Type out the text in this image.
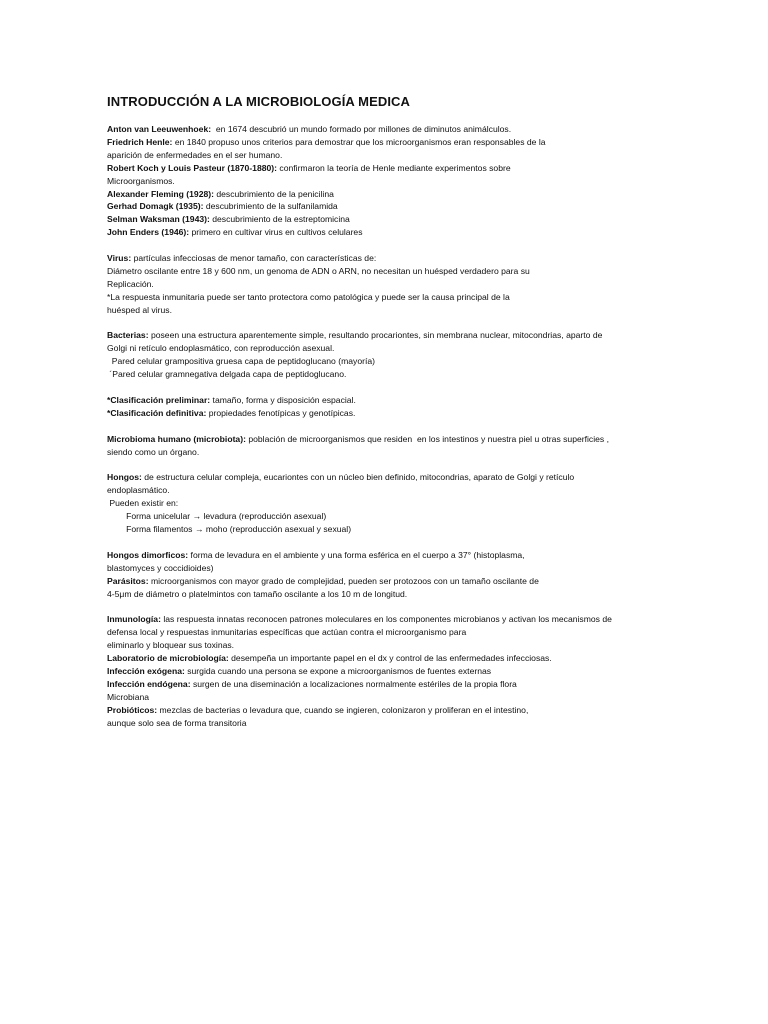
INTRODUCCIÓN A LA MICROBIOLOGÍA MEDICA
Anton van Leeuwenhoek:  en 1674 descubrió un mundo formado por millones de diminutos animálculos.
Friedrich Henle: en 1840 propuso unos criterios para demostrar que los microorganismos eran responsables de la
aparición de enfermedades en el ser humano.
Robert Koch y Louis Pasteur (1870-1880): confirmaron la teoría de Henle mediante experimentos sobre
Microorganismos.
Alexander Fleming (1928): descubrimiento de la penicilina
Gerhad Domagk (1935): descubrimiento de la sulfanilamida
Selman Waksman (1943): descubrimiento de la estreptomicina
John Enders (1946): primero en cultivar virus en cultivos celulares
Virus: partículas infecciosas de menor tamaño, con características de:
Diámetro oscilante entre 18 y 600 nm, un genoma de ADN o ARN, no necesitan un huésped verdadero para su
Replicación.
*La respuesta inmunitaria puede ser tanto protectora como patológica y puede ser la causa principal de la
huésped al virus.
Bacterias: poseen una estructura aparentemente simple, resultando procariontes, sin membrana nuclear, mitocondrias, aparto de
Golgi ni retículo endoplasmático, con reproducción asexual.
Pared celular grampositiva gruesa capa de peptidoglucano (mayoría)
´Pared celular gramnegativa delgada capa de peptidoglucano.
*Clasificación preliminar: tamaño, forma y disposición espacial.
*Clasificación definitiva: propiedades fenotípicas y genotípicas.
Microbioma humano (microbiota): población de microorganismos que residen  en los intestinos y nuestra piel u otras superficies ,
siendo como un órgano.
Hongos: de estructura celular compleja, eucariontes con un núcleo bien definido, mitocondrias, aparato de Golgi y retículo
endoplasmático.
Pueden existir en:
Forma unicelular → levadura (reproducción asexual)
Forma filamentos → moho (reproducción asexual y sexual)
Hongos dimorficos: forma de levadura en el ambiente y una forma esférica en el cuerpo a 37° (histoplasma,
blastomyces y coccidioides)
Parásitos: microorganismos con mayor grado de complejidad, pueden ser protozoos con un tamaño oscilante de
4-5μm de diámetro o platelmintos con tamaño oscilante a los 10 m de longitud.
Inmunología: las respuesta innatas reconocen patrones moleculares en los componentes microbianos y activan los mecanismos de
defensa local y respuestas inmunitarias específicas que actúan contra el microorganismo para
eliminarlo y bloquear sus toxinas.
Laboratorio de microbiología: desempeña un importante papel en el dx y control de las enfermedades infecciosas.
Infección exógena: surgida cuando una persona se expone a microorganismos de fuentes externas
Infección endógena: surgen de una diseminación a localizaciones normalmente estériles de la propia flora
Microbiana
Probióticos: mezclas de bacterias o levadura que, cuando se ingieren, colonizaron y proliferan en el intestino,
aunque solo sea de forma transitoria
